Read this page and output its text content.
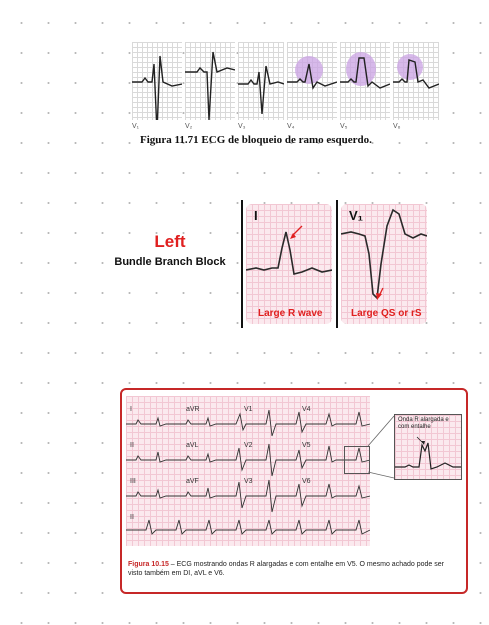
V₁	V₂	V₃	V₄	V₅	V₆
Figura 11.71 ECG de bloqueio de ramo esquerdo.
Left
Bundle Branch Block
I
Large R wave
V₁
Large QS or rS
I	aVR	V1	V4
II	aVL	V2	V5
III	aVF	V3	V6
II
Onda R alargada e com entalhe
Figura 10.15 – ECG mostrando ondas R alargadas e com entalhe em V5. O mesmo achado pode ser visto também em DI, aVL e V6.
